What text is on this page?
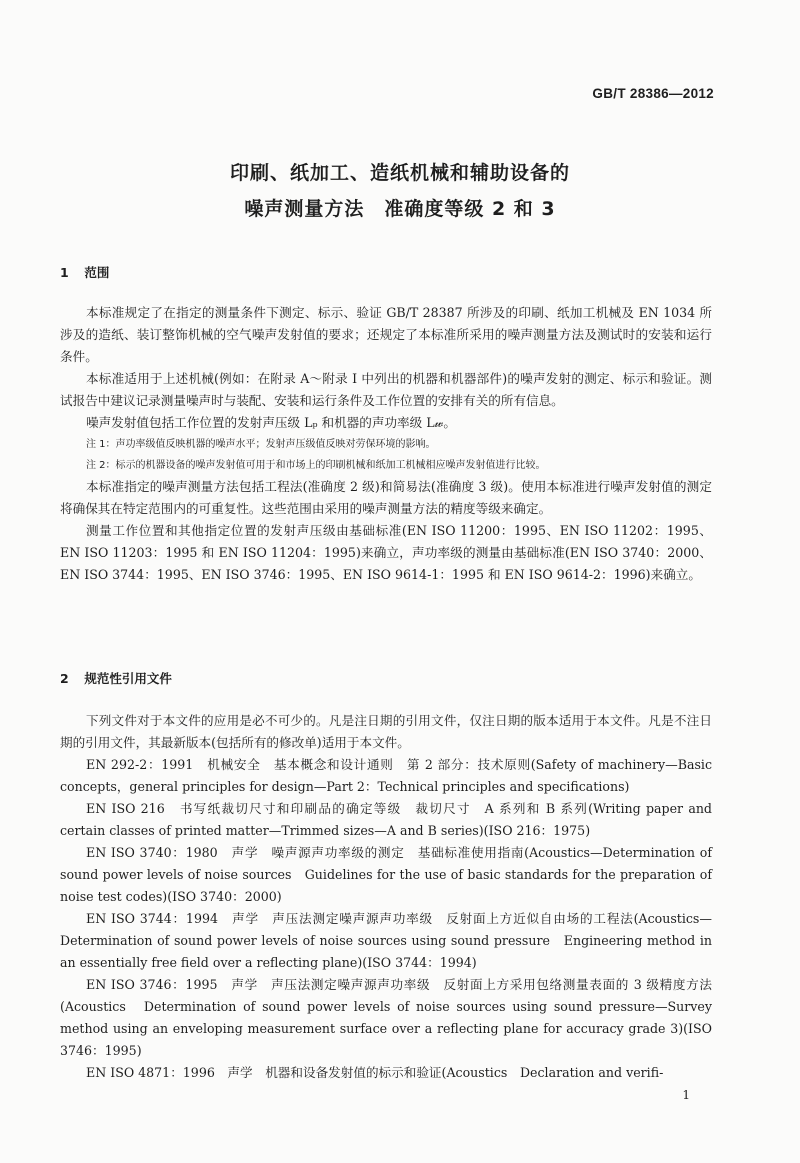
GB/T 28386—2012
印刷、纸加工、造纸机械和辅助设备的
噪声测量方法　准确度等级 2 和 3
1 范围

本标准规定了在指定的测量条件下测定、标示、验证 GB/T 28387 所涉及的印刷、纸加工机械及 EN 1034 所涉及的造纸、装订整饰机械的空气噪声发射值的要求；还规定了本标准所采用的噪声测量方法及测试时的安装和运行条件。

本标准适用于上述机械(例如：在附录 A～附录 I 中列出的机器和机器部件)的噪声发射的测定、标示和验证。测试报告中建议记录测量噪声时与装配、安装和运行条件及工作位置的安排有关的所有信息。

噪声发射值包括工作位置的发射声压级 Lₚ 和机器的声功率级 L𝓌。

注 1：声功率级值反映机器的噪声水平；发射声压级值反映对劳保环境的影响。

注 2：标示的机器设备的噪声发射值可用于和市场上的印刷机械和纸加工机械相应噪声发射值进行比较。

本标准指定的噪声测量方法包括工程法(准确度 2 级)和简易法(准确度 3 级)。使用本标准进行噪声发射值的测定将确保其在特定范围内的可重复性。这些范围由采用的噪声测量方法的精度等级来确定。

测量工作位置和其他指定位置的发射声压级由基础标准(EN ISO 11200：1995、EN ISO 11202：1995、EN ISO 11203：1995 和 EN ISO 11204：1995)来确立，声功率级的测量由基础标准(EN ISO 3740：2000、EN ISO 3744：1995、EN ISO 3746：1995、EN ISO 9614-1：1995 和 EN ISO 9614-2：1996)来确立。

2 规范性引用文件

下列文件对于本文件的应用是必不可少的。凡是注日期的引用文件，仅注日期的版本适用于本文件。凡是不注日期的引用文件，其最新版本(包括所有的修改单)适用于本文件。

EN 292-2：1991　机械安全　基本概念和设计通则　第 2 部分：技术原则(Safety of machinery—Basic concepts，general principles for design—Part 2：Technical principles and specifications)

EN ISO 216　书写纸裁切尺寸和印刷品的确定等级　裁切尺寸　A 系列和 B 系列(Writing paper and certain classes of printed matter—Trimmed sizes—A and B series)(ISO 216：1975)

EN ISO 3740：1980　声学　噪声源声功率级的测定　基础标准使用指南(Acoustics—Determination of sound power levels of noise sources　Guidelines for the use of basic standards for the preparation of noise test codes)(ISO 3740：2000)

EN ISO 3744：1994　声学　声压法测定噪声源声功率级　反射面上方近似自由场的工程法(Acoustics—Determination of sound power levels of noise sources using sound pressure　Engineering method in an essentially free field over a reflecting plane)(ISO 3744：1994)

EN ISO 3746：1995　声学　声压法测定噪声源声功率级　反射面上方采用包络测量表面的 3 级精度方法(Acoustics　Determination of sound power levels of noise sources using sound pressure—Survey method using an enveloping measurement surface over a reflecting plane for accuracy grade 3)(ISO 3746：1995)

EN ISO 4871：1996　声学　机器和设备发射值的标示和验证(Acoustics　Declaration and verifi-

1
